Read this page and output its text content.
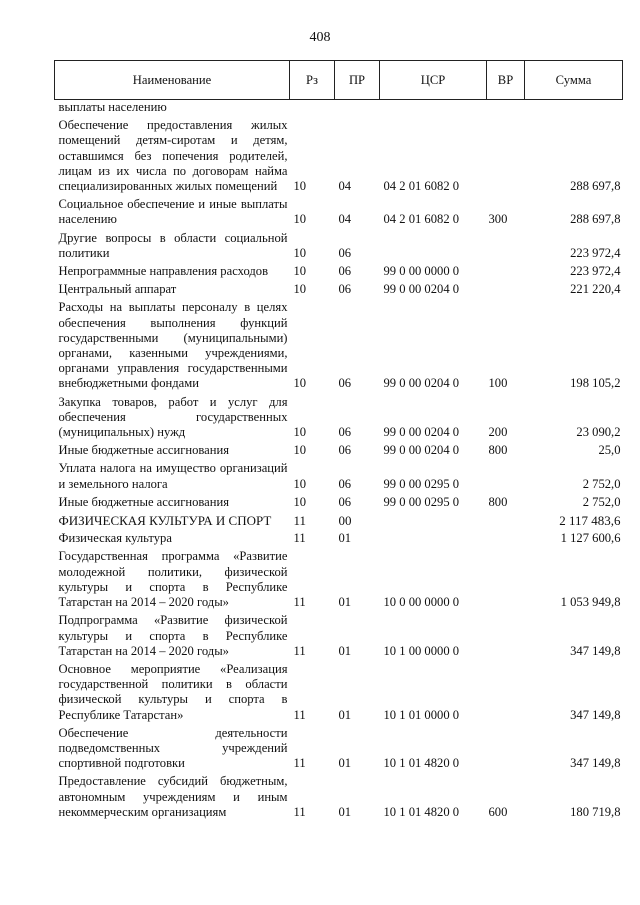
408
Наименование	Рз	ПР	ЦСР	ВР	Сумма
выплаты населению					
Обеспечение предоставления жилых помещений детям-сиротам и детям, оставшимся без попечения родителей, лицам из их числа по договорам найма специализированных жилых помещений	10	04	04 2 01 6082 0		288 697,8
Социальное обеспечение и иные выплаты населению	10	04	04 2 01 6082 0	300	288 697,8
Другие вопросы в области социальной политики	10	06			223 972,4
Непрограммные направления расходов	10	06	99 0 00 0000 0		223 972,4
Центральный аппарат	10	06	99 0 00 0204 0		221 220,4
Расходы на выплаты персоналу в целях обеспечения выполнения функций государственными (муниципальными) органами, казенными учреждениями, органами управления государственными внебюджетными фондами	10	06	99 0 00 0204 0	100	198 105,2
Закупка товаров, работ и услуг для обеспечения государственных (муниципальных) нужд	10	06	99 0 00 0204 0	200	23 090,2
Иные бюджетные ассигнования	10	06	99 0 00 0204 0	800	25,0
Уплата налога на имущество организаций и земельного налога	10	06	99 0 00 0295 0		2 752,0
Иные бюджетные ассигнования	10	06	99 0 00 0295 0	800	2 752,0
ФИЗИЧЕСКАЯ КУЛЬТУРА И СПОРТ	11	00			2 117 483,6
Физическая культура	11	01			1 127 600,6
Государственная программа «Развитие молодежной политики, физической культуры и спорта в Республике Татарстан на 2014 – 2020 годы»	11	01	10 0 00 0000 0		1 053 949,8
Подпрограмма «Развитие физической культуры и спорта в Республике Татарстан на 2014 – 2020 годы»	11	01	10 1 00 0000 0		347 149,8
Основное мероприятие «Реализация государственной политики в области физической культуры и спорта в Республике Татарстан»	11	01	10 1 01 0000 0		347 149,8
Обеспечение деятельности подведомственных учреждений спортивной подготовки	11	01	10 1 01 4820 0		347 149,8
Предоставление субсидий бюджетным, автономным учреждениям и иным некоммерческим организациям	11	01	10 1 01 4820 0	600	180 719,8
